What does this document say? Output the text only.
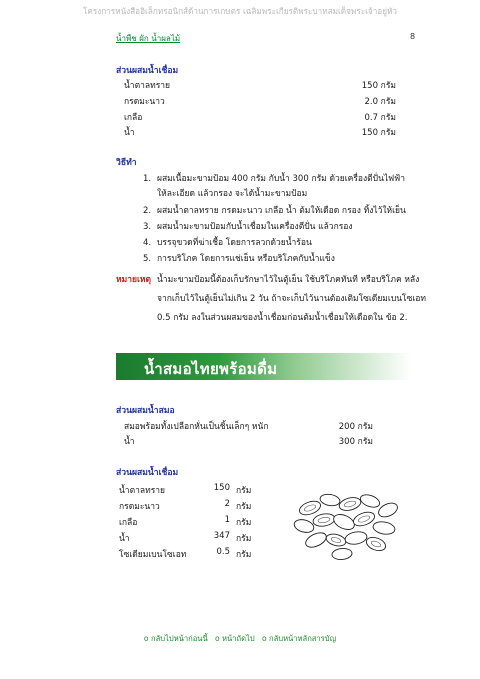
โครงการหนังสืออิเล็กทรอนิกส์ด้านการเกษตร เฉลิมพระเกียรติพระบาทสมเด็จพระเจ้าอยู่หัว
น้ำพืช ผัก น้ำผลไม้	8
ส่วนผสมน้ำเชื่อม
น้ำตาลทราย	150 กรัม
กรดมะนาว	2.0 กรัม
เกลือ	0.7 กรัม
น้ำ	150 กรัม
วิธีทำ
1. ผสมเนื้อมะขามป้อม 400 กรัม กับน้ำ 300 กรัม ด้วยเครื่องตีปั่นไฟฟ้า
ให้ละเอียด แล้วกรอง จะได้น้ำมะขามป้อม
2. ผสมน้ำตาลทราย กรดมะนาว เกลือ น้ำ ต้มให้เดือด กรอง ทิ้งไว้ให้เย็น
3. ผสมน้ำมะขามป้อมกับน้ำเชื่อมในเครื่องตีปั่น แล้วกรอง
4. บรรจุขวดที่ฆ่าเชื้อ โดยการลวกด้วยน้ำร้อน
5. การบริโภค โดยการแช่เย็น หรือบริโภคกับน้ำแข็ง
หมายเหตุ น้ำมะขามป้อมนี้ต้องเก็บรักษาไว้ในตู้เย็น ใช้บริโภคทันที หรือบริโภค หลัง
จากเก็บไว้ในตู้เย็นไม่เกิน 2 วัน ถ้าจะเก็บไว้นานต้องเติมโซเดียมเบนโซเอท
0.5 กรัม ลงในส่วนผสมของน้ำเชื่อมก่อนต้มน้ำเชื่อมให้เดือดใน ข้อ 2.
น้ำสมอไทยพร้อมดื่ม
ส่วนผสมน้ำสมอ
สมอพร้อมทั้งเปลือกหั่นเป็นชิ้นเล็กๆ หนัก	200 กรัม
น้ำ	300 กรัม
ส่วนผสมน้ำเชื่อม
น้ำตาลทราย	150 กรัม
กรดมะนาว	2 กรัม
เกลือ	1 กรัม
น้ำ	347 กรัม
โซเดียมเบนโซเอท	0.5 กรัม
o กลับไปหน้าก่อนนี้ o หน้าถัดไป o กลับหน้าหลักสารบัญ
